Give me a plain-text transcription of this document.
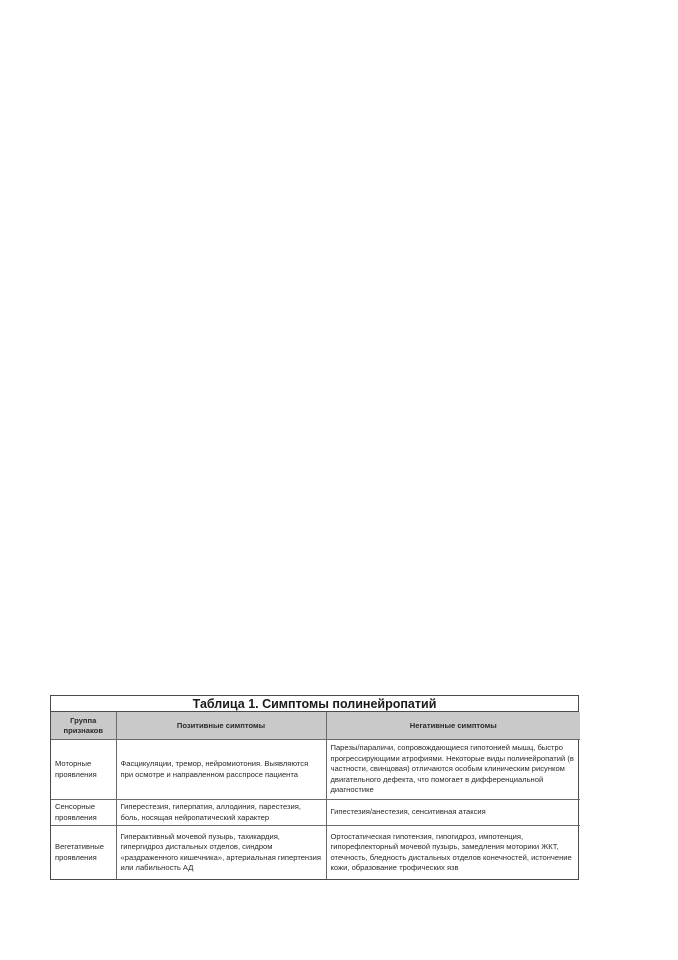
Таблица 1. Симптомы полинейропатий
Группа признаков	Позитивные симптомы	Негативные симптомы
Моторные проявления	Фасцикуляции, тремор, нейромиотония. Выявляются при осмотре и направленном расспросе пациента	Парезы/параличи, сопровождающиеся гипотонией мышц, быстро прогрессирующими атрофиями. Некоторые виды полинейропатий (в частности, свинцовая) отличаются особым клиническим рисунком двигательного дефекта, что помогает в дифференциальной диагностике
Сенсорные проявления	Гиперестезия, гиперпатия, аллодиния, парестезия, боль, носящая нейропатический характер	Гипестезия/анестезия, сенситивная атаксия
Вегетативные проявления	Гиперактивный мочевой пузырь, тахикардия, гипергидроз дистальных отделов, синдром «раздраженного кишечника», артериальная гипертензия или лабильность АД	Ортостатическая гипотензия, гипогидроз, импотенция, гипорефлекторный мочевой пузырь, замедления моторики ЖКТ, отечность, бледность дистальных отделов конечностей, истончение кожи, образование трофических язв
